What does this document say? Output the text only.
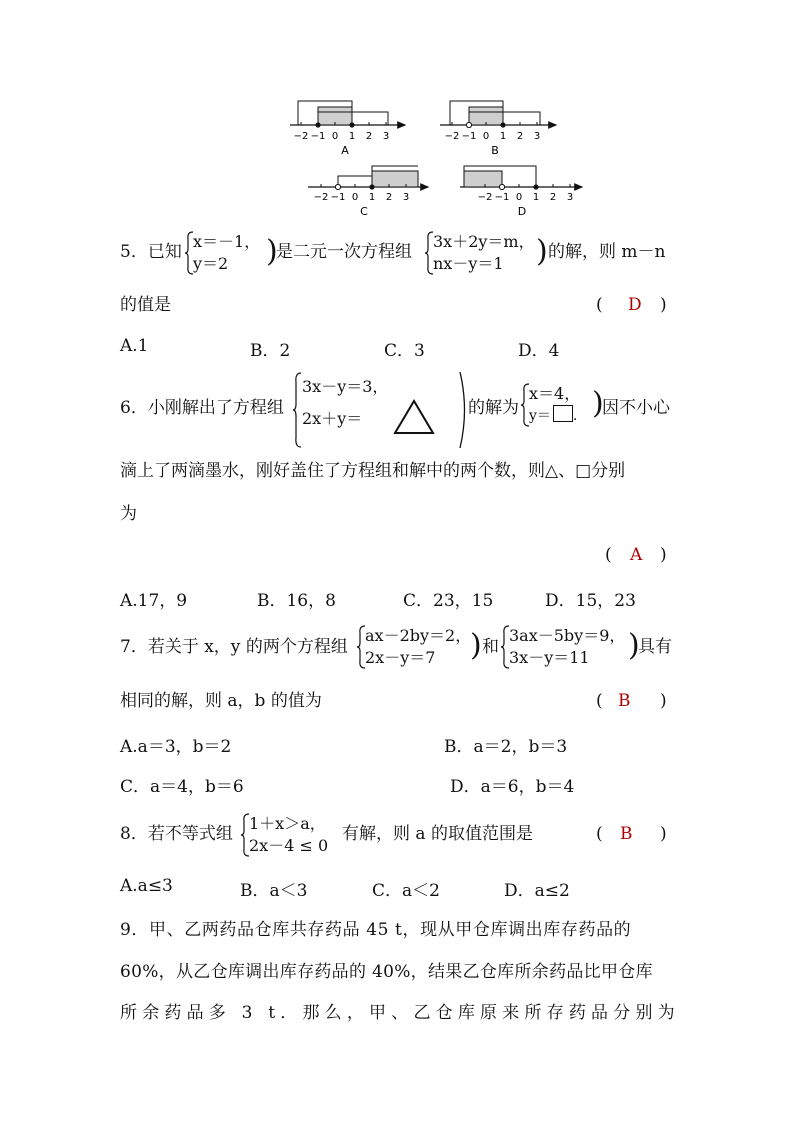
−2 −1 0 1 2 3
A
−2 −1 0 1 2 3
B
−2 −1 0 1 2 3
C
−2 −1 0 1 2 3
D
5．已知
x＝－1，
y＝2	)
是二元一次方程组
3x＋2y＝m，
nx－y＝1	) 的解，则 m－n
的值是	( D )
A.1	B．2	C．3	D．4
6．小刚解出了方程组
3x－y＝3，
2x＋y＝
的解为
x＝4，
y＝ . )
因不小心
滴上了两滴墨水，刚好盖住了方程组和解中的两个数，则△、□分别
为
( A )
A.17，9	B．16，8	C．23，15	D．15，23
7．若关于 x，y 的两个方程组
ax－2by＝2，
2x－y＝7	) 和
3ax－5by＝9，
3x－y＝11	)
具有
相同的解，则 a，b 的值为	( B )
A.a＝3，b＝2	B．a＝2，b＝3
C．a＝4，b＝6	D．a＝6，b＝4
8．若不等式组
1＋x＞a，
2x－4 ≤ 0
有解，则 a 的取值范围是	( B )
A.a≤3	B．a＜3	C．a＜2	D．a≤2
9．甲、乙两药品仓库共存药品 45 t，现从甲仓库调出库存药品的
60%，从乙仓库调出库存药品的 40%，结果乙仓库所余药品比甲仓库
所余药品多 3 t．那么，甲、乙仓库原来所存药品分别为
